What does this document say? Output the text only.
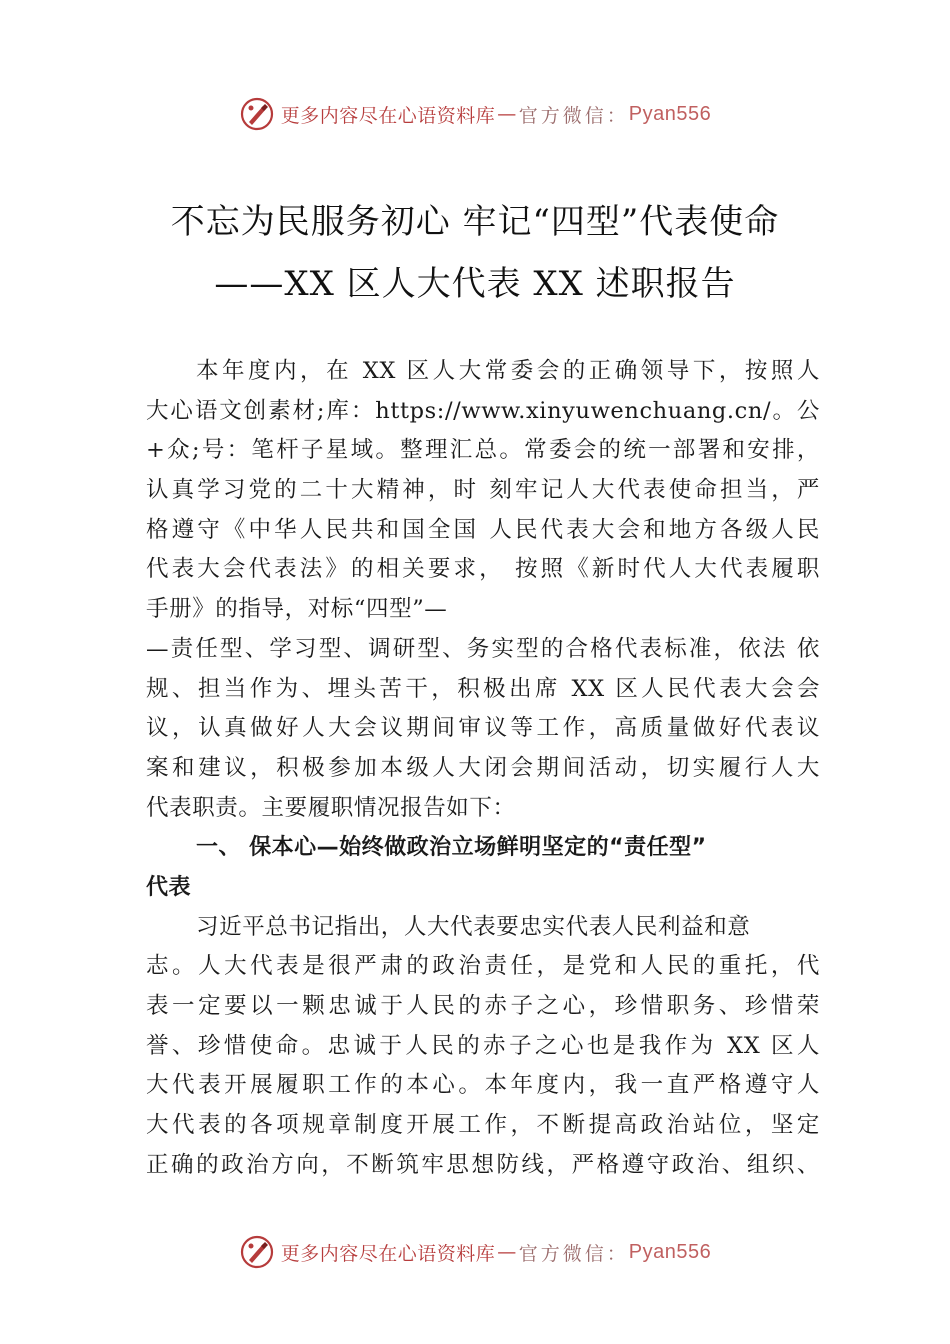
更多内容尽在心语资料库 — 官方微信： Pyan556
不忘为民服务初心 牢记“四型”代表使命
——XX 区人大代表 XX 述职报告
本年度内，在 XX 区人大常委会的正确领导下，按照人
大心语文创素材;库：https://www.xinyuwenchuang.cn/。公
+众;号：笔杆子星域。整理汇总。常委会的统一部署和安排，
认真学习党的二十大精神，时 刻牢记人大代表使命担当，严
格遵守《中华人民共和国全国 人民代表大会和地方各级人民
代表大会代表法》的相关要求， 按照《新时代人大代表履职
手册》的指导，对标“四型”—
—责任型、学习型、调研型、务实型的合格代表标准，依法 依
规、担当作为、埋头苦干，积极出席 XX 区人民代表大会会
议，认真做好人大会议期间审议等工作，高质量做好代表议
案和建议，积极参加本级人大闭会期间活动，切实履行人大
代表职责。主要履职情况报告如下：
一、 保本心—始终做政治立场鲜明坚定的“责任型”
代表
习近平总书记指出，人大代表要忠实代表人民利益和意
志。人大代表是很严肃的政治责任，是党和人民的重托，代
表一定要以一颗忠诚于人民的赤子之心，珍惜职务、珍惜荣
誉、珍惜使命。忠诚于人民的赤子之心也是我作为 XX 区人
大代表开展履职工作的本心。本年度内，我一直严格遵守人
大代表的各项规章制度开展工作，不断提高政治站位，坚定
正确的政治方向，不断筑牢思想防线，严格遵守政治、组织、
更多内容尽在心语资料库 — 官方微信： Pyan556
